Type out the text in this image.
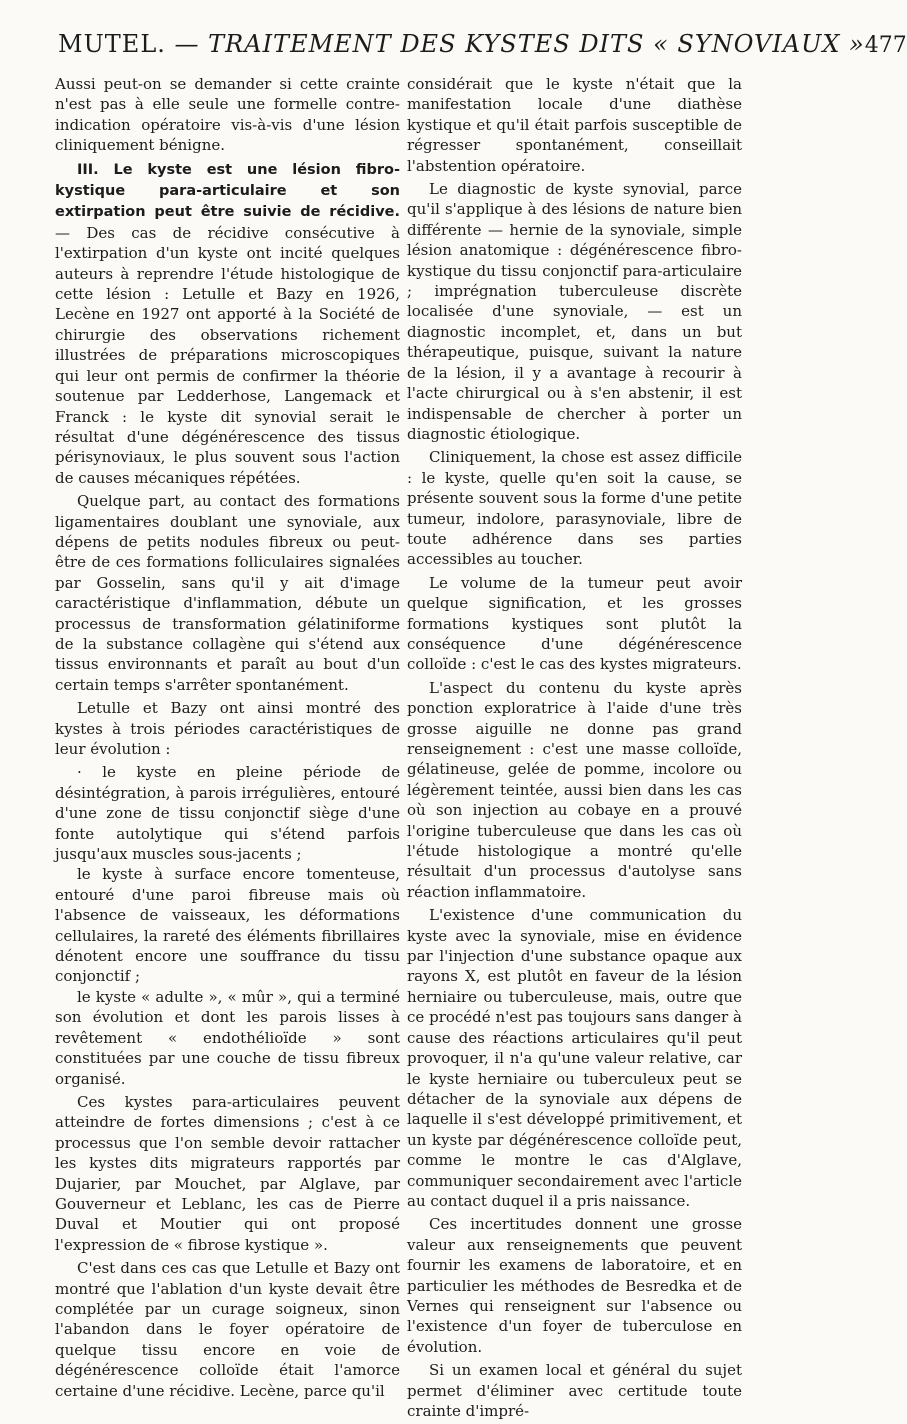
MUTEL. — TRAITEMENT DES KYSTES DITS « SYNOVIAUX » 477

Aussi peut-on se demander si cette crainte n'est pas à elle seule une formelle contre-indication opératoire vis-à-vis d'une lésion cliniquement bénigne.

III. Le kyste est une lésion fibro-kystique para-articulaire et son extirpation peut être suivie de récidive. — Des cas de récidive consécutive à l'extirpation d'un kyste ont incité quelques auteurs à reprendre l'étude histologique de cette lésion : Letulle et Bazy en 1926, Lecène en 1927 ont apporté à la Société de chirurgie des observations richement illustrées de préparations microscopiques qui leur ont permis de confirmer la théorie soutenue par Ledderhose, Langemack et Franck : le kyste dit synovial serait le résultat d'une dégénérescence des tissus périsynoviaux, le plus souvent sous l'action de causes mécaniques répétées.

Quelque part, au contact des formations ligamentaires doublant une synoviale, aux dépens de petits nodules fibreux ou peut-être de ces formations folliculaires signalées par Gosselin, sans qu'il y ait d'image caractéristique d'inflammation, débute un processus de transformation gélatiniforme de la substance collagène qui s'étend aux tissus environnants et paraît au bout d'un certain temps s'arrêter spontanément.

Letulle et Bazy ont ainsi montré des kystes à trois périodes caractéristiques de leur évolution :

· le kyste en pleine période de désintégration, à parois irrégulières, entouré d'une zone de tissu conjonctif siège d'une fonte autolytique qui s'étend parfois jusqu'aux muscles sous-jacents ;

le kyste à surface encore tomenteuse, entouré d'une paroi fibreuse mais où l'absence de vaisseaux, les déformations cellulaires, la rareté des éléments fibrillaires dénotent encore une souffrance du tissu conjonctif ;

le kyste « adulte », « mûr », qui a terminé son évolution et dont les parois lisses à revêtement « endothélioïde » sont constituées par une couche de tissu fibreux organisé.

Ces kystes para-articulaires peuvent atteindre de fortes dimensions ; c'est à ce processus que l'on semble devoir rattacher les kystes dits migrateurs rapportés par Dujarier, par Mouchet, par Alglave, par Gouverneur et Leblanc, les cas de Pierre Duval et Moutier qui ont proposé l'expression de « fibrose kystique ».

C'est dans ces cas que Letulle et Bazy ont montré que l'ablation d'un kyste devait être complétée par un curage soigneux, sinon l'abandon dans le foyer opératoire de quelque tissu encore en voie de dégénérescence colloïde était l'amorce certaine d'une récidive. Lecène, parce qu'il

considérait que le kyste n'était que la manifestation locale d'une diathèse kystique et qu'il était parfois susceptible de régresser spontanément, conseillait l'abstention opératoire.

Le diagnostic de kyste synovial, parce qu'il s'applique à des lésions de nature bien différente — hernie de la synoviale, simple lésion anatomique : dégénérescence fibro-kystique du tissu conjonctif para-articulaire ; imprégnation tuberculeuse discrète localisée d'une synoviale, — est un diagnostic incomplet, et, dans un but thérapeutique, puisque, suivant la nature de la lésion, il y a avantage à recourir à l'acte chirurgical ou à s'en abstenir, il est indispensable de chercher à porter un diagnostic étiologique.

Cliniquement, la chose est assez difficile : le kyste, quelle qu'en soit la cause, se présente souvent sous la forme d'une petite tumeur, indolore, parasynoviale, libre de toute adhérence dans ses parties accessibles au toucher.

Le volume de la tumeur peut avoir quelque signification, et les grosses formations kystiques sont plutôt la conséquence d'une dégénérescence colloïde : c'est le cas des kystes migrateurs.

L'aspect du contenu du kyste après ponction exploratrice à l'aide d'une très grosse aiguille ne donne pas grand renseignement : c'est une masse colloïde, gélatineuse, gelée de pomme, incolore ou légèrement teintée, aussi bien dans les cas où son injection au cobaye en a prouvé l'origine tuberculeuse que dans les cas où l'étude histologique a montré qu'elle résultait d'un processus d'autolyse sans réaction inflammatoire.

L'existence d'une communication du kyste avec la synoviale, mise en évidence par l'injection d'une substance opaque aux rayons X, est plutôt en faveur de la lésion herniaire ou tuberculeuse, mais, outre que ce procédé n'est pas toujours sans danger à cause des réactions articulaires qu'il peut provoquer, il n'a qu'une valeur relative, car le kyste herniaire ou tuberculeux peut se détacher de la synoviale aux dépens de laquelle il s'est développé primitivement, et un kyste par dégénérescence colloïde peut, comme le montre le cas d'Alglave, communiquer secondairement avec l'article au contact duquel il a pris naissance.

Ces incertitudes donnent une grosse valeur aux renseignements que peuvent fournir les examens de laboratoire, et en particulier les méthodes de Besredka et de Vernes qui renseignent sur l'absence ou l'existence d'un foyer de tuberculose en évolution.

Si un examen local et général du sujet permet d'éliminer avec certitude toute crainte d'impré-
